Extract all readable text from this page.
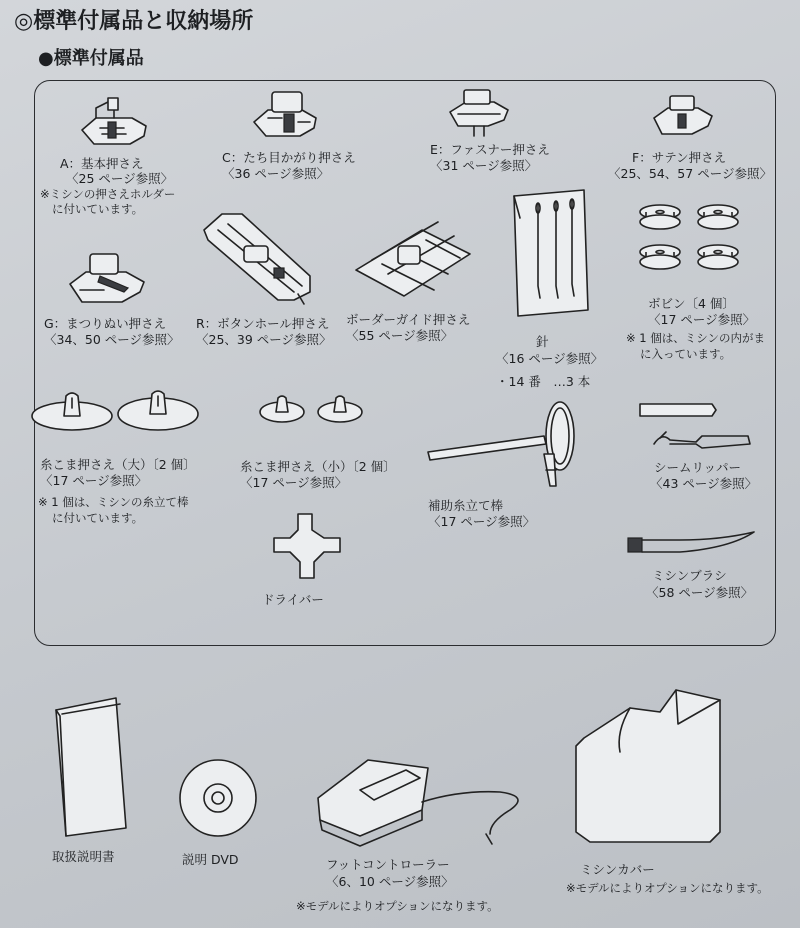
◎標準付属品と収納場所
●標準付属品
A：基本押さえ
〈25 ページ参照〉
※ミシンの押さえホルダー
に付いています。
C：たち目かがり押さえ
〈36 ページ参照〉
E：ファスナー押さえ
〈31 ページ参照〉
F：サテン押さえ
〈25、54、57 ページ参照〉
G：まつりぬい押さえ
〈34、50 ページ参照〉
R：ボタンホール押さえ
〈25、39 ページ参照〉
ボーダーガイド押さえ
〈55 ページ参照〉	針
〈16 ページ参照〉
・14 番　…3 本
ボビン〔4 個〕
〈17 ページ参照〉
※ 1 個は、ミシンの内がま
に入っています。
糸こま押さえ（大）〔2 個〕
〈17 ページ参照〉
※ 1 個は、ミシンの糸立て棒
に付いています。
糸こま押さえ（小）〔2 個〕
〈17 ページ参照〉
補助糸立て棒
〈17 ページ参照〉
シームリッパー
〈43 ページ参照〉
ドライバー
ミシンブラシ
〈58 ページ参照〉
取扱説明書	説明 DVD	フットコントローラー
〈6、10 ページ参照〉
※モデルによりオプションになります。
ミシンカバー
※モデルによりオプションになります。
